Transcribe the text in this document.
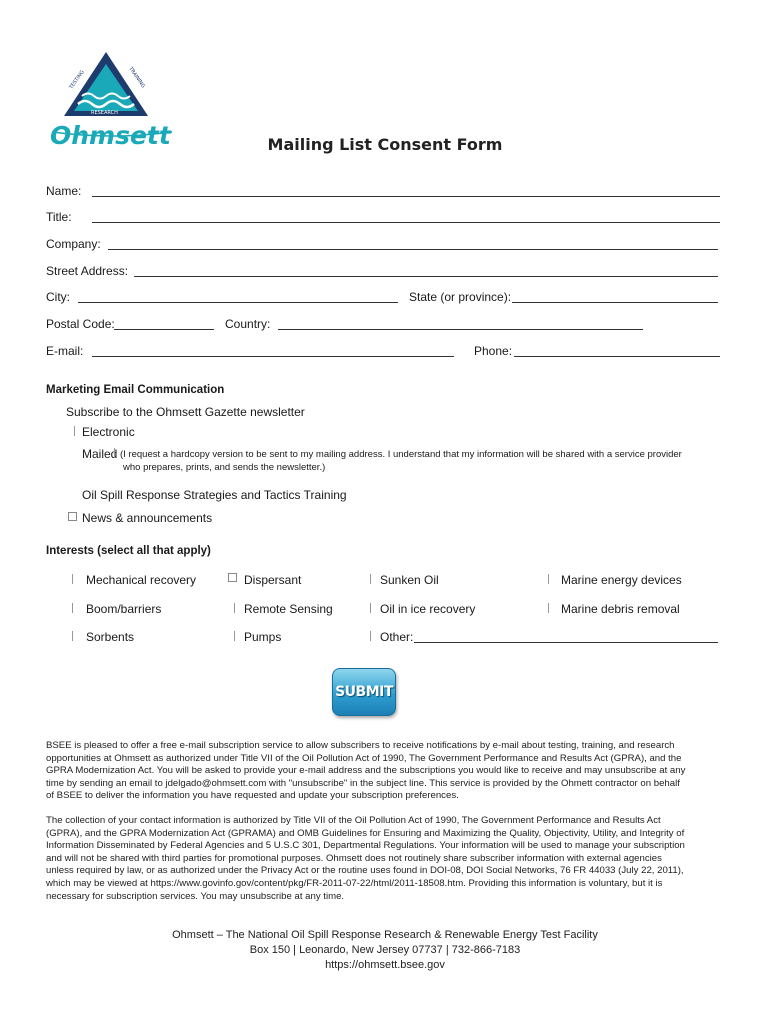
Ohmsett
RESEARCH
TESTING	TRAINING
Mailing List Consent Form
Name:
Title:
Company:
Street Address:
City:	State (or province):
Postal Code:	Country:
E-mail:	Phone:
Marketing Email Communication
Subscribe to the Ohmsett Gazette newsletter
Electronic
Mailed (I request a hardcopy version to be sent to my mailing address. I understand that my information will be shared with a service provider
who prepares, prints, and sends the newsletter.)
Oil Spill Response Strategies and Tactics Training
News & announcements
Interests (select all that apply)
Mechanical recovery	Dispersant	Sunken Oil	Marine energy devices
Boom/barriers	Remote Sensing	Oil in ice recovery	Marine debris removal
Sorbents	Pumps	Other:
SUBMIT
BSEE is pleased to offer a free e-mail subscription service to allow subscribers to receive notifications by e-mail about testing, training, and research
opportunities at Ohmsett as authorized under Title VII of the Oil Pollution Act of 1990, The Government Performance and Results Act (GPRA), and the
GPRA Modernization Act. You will be asked to provide your e-mail address and the subscriptions you would like to receive and may unsubscribe at any
time by sending an email to jdelgado@ohmsett.com with "unsubscribe" in the subject line. This service is provided by the Ohmett contractor on behalf
of BSEE to deliver the information you have requested and update your subscription preferences.
The collection of your contact information is authorized by Title VII of the Oil Pollution Act of 1990, The Government Performance and Results Act
(GPRA), and the GPRA Modernization Act (GPRAMA) and OMB Guidelines for Ensuring and Maximizing the Quality, Objectivity, Utility, and Integrity of
Information Disseminated by Federal Agencies and 5 U.S.C 301, Departmental Regulations. Your information will be used to manage your subscription
and will not be shared with third parties for promotional purposes. Ohmsett does not routinely share subscriber information with external agencies
unless required by law, or as authorized under the Privacy Act or the routine uses found in DOI-08, DOI Social Networks, 76 FR 44033 (July 22, 2011),
which may be viewed at https://www.govinfo.gov/content/pkg/FR-2011-07-22/html/2011-18508.htm. Providing this information is voluntary, but it is
necessary for subscription services. You may unsubscribe at any time.
Ohmsett – The National Oil Spill Response Research & Renewable Energy Test Facility
Box 150 | Leonardo, New Jersey 07737 | 732-866-7183
https://ohmsett.bsee.gov
